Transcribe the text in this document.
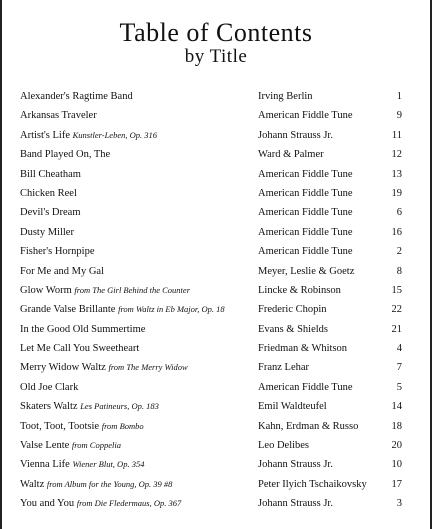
Table of Contents
by Title
Alexander's Ragtime Band	Irving Berlin	1
Arkansas Traveler	American Fiddle Tune	9
Artist's Life Kunstler-Leben, Op. 316	Johann Strauss Jr.	11
Band Played On, The	Ward & Palmer	12
Bill Cheatham	American Fiddle Tune	13
Chicken Reel	American Fiddle Tune	19
Devil's Dream	American Fiddle Tune	6
Dusty Miller	American Fiddle Tune	16
Fisher's Hornpipe	American Fiddle Tune	2
For Me and My Gal	Meyer, Leslie & Goetz	8
Glow Worm from The Girl Behind the Counter	Lincke & Robinson	15
Grande Valse Brillante from Waltz in Eb Major, Op. 18	Frederic Chopin	22
In the Good Old Summertime	Evans & Shields	21
Let Me Call You Sweetheart	Friedman & Whitson	4
Merry Widow Waltz from The Merry Widow	Franz Lehar	7
Old Joe Clark	American Fiddle Tune	5
Skaters Waltz Les Patineurs, Op. 183	Emil Waldteufel	14
Toot, Toot, Tootsie from Bombo	Kahn, Erdman & Russo	18
Valse Lente from Coppelia	Leo Delibes	20
Vienna Life Wiener Blut, Op. 354	Johann Strauss Jr.	10
Waltz from Album for the Young, Op. 39 #8	Peter Ilyich Tschaikovsky 17
You and You from Die Fledermaus, Op. 367	Johann Strauss Jr.	3
